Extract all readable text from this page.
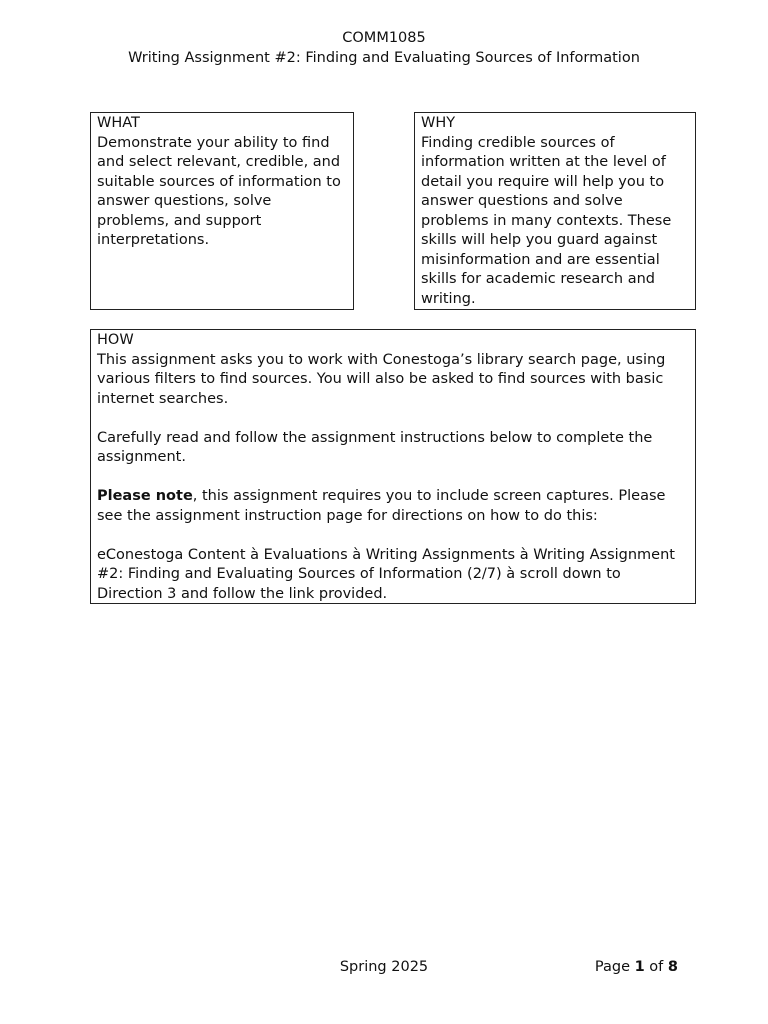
COMM1085
Writing Assignment #2: Finding and Evaluating Sources of Information

WHAT

Demonstrate your ability to find and select relevant, credible, and suitable sources of information to answer questions, solve problems, and support interpretations.

WHY

Finding credible sources of information written at the level of detail you require will help you to answer questions and solve problems in many contexts. These skills will help you guard against misinformation and are essential skills for academic research and writing.

HOW

This assignment asks you to work with Conestoga’s library search page, using various filters to find sources. You will also be asked to find sources with basic internet searches.

Carefully read and follow the assignment instructions below to complete the assignment.

Please note, this assignment requires you to include screen captures. Please see the assignment instruction page for directions on how to do this:

eConestoga Content à Evaluations à Writing Assignments à Writing Assignment #2: Finding and Evaluating Sources of Information (2/7) à scroll down to Direction 3 and follow the link provided.

Spring 2025	Page 1 of 8
